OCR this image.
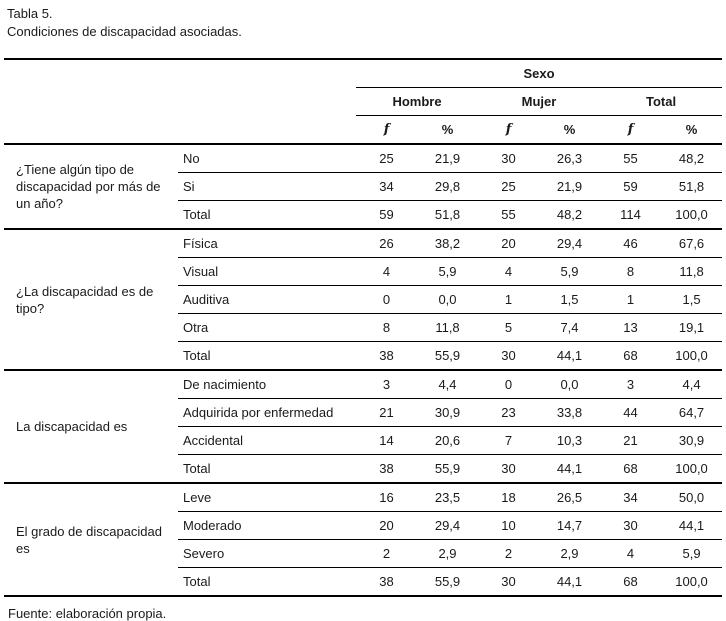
Tabla 5.
Condiciones de discapacidad asociadas.
		Sexo					
		Hombre		Mujer		Total	
		f	%	f	%	f	%
¿Tiene algún tipo de discapacidad por más de un año?	No	25	21,9	30	26,3	55	48,2
	Si	34	29,8	25	21,9	59	51,8
	Total	59	51,8	55	48,2	114	100,0
¿La discapacidad es de tipo?	Física	26	38,2	20	29,4	46	67,6
	Visual	4	5,9	4	5,9	8	11,8
	Auditiva	0	0,0	1	1,5	1	1,5
	Otra	8	11,8	5	7,4	13	19,1
	Total	38	55,9	30	44,1	68	100,0
La discapacidad es	De nacimiento	3	4,4	0	0,0	3	4,4
	Adquirida por enfermedad	21	30,9	23	33,8	44	64,7
	Accidental	14	20,6	7	10,3	21	30,9
	Total	38	55,9	30	44,1	68	100,0
El grado de discapacidad es	Leve	16	23,5	18	26,5	34	50,0
	Moderado	20	29,4	10	14,7	30	44,1
	Severo	2	2,9	2	2,9	4	5,9
	Total	38	55,9	30	44,1	68	100,0
Fuente: elaboración propia.
